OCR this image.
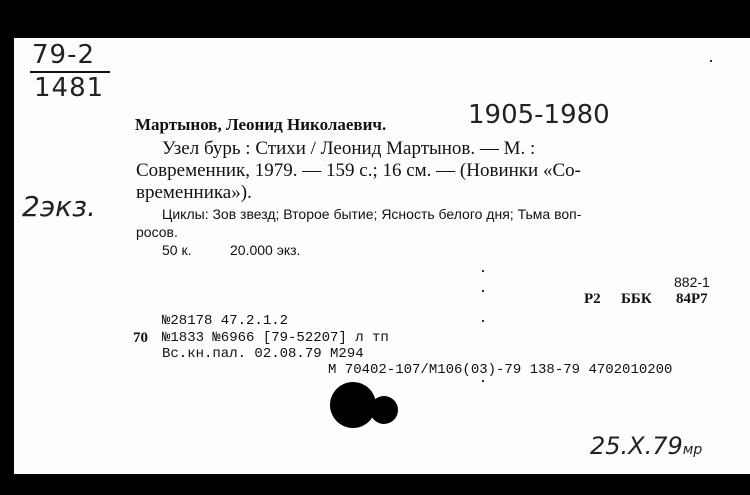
79-2
1481
2экз.
Мартынов, Леонид Николаевич.	1905-1980
Узел бурь : Стихи / Леонид Мартынов. — М. :
Современник, 1979. — 159 с.; 16 см. — (Новинки «Со-
временника»).
Циклы: Зов звезд; Второе бытие; Ясность белого дня; Тьма воп-
росов.
50 к.	20.000 экз.
882-1
Р2 ББК 84Р7
№28178 47.2.1.2
70 №1833 №6966 [79-52207] л тп
Вс.кн.пал. 02.08.79 М294
М 70402-107/М106(03)-79 138-79 4702010200
25.X.79мр
